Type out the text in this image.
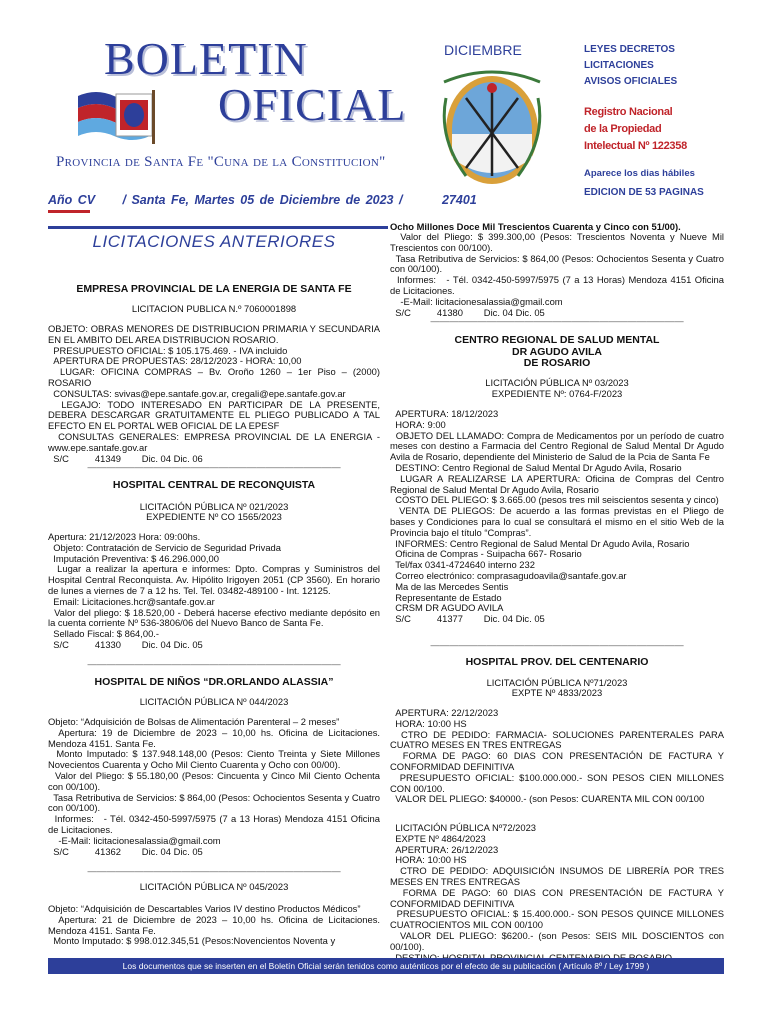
BOLETIN
OFICIAL
Provincia de Santa Fe "Cuna de la Constitucion"
DICIEMBRE	LEYES DECRETOS
LICITACIONES
AVISOS OFICIALES
Registro Nacional
de la Propiedad
Intelectual Nº 122358
Aparece los dias hábiles
EDICION DE 53 PAGINAS
Año CV / Santa Fe, Martes 05 de Diciembre de 2023 /	27401
LICITACIONES ANTERIORES
EMPRESA PROVINCIAL DE LA ENERGIA DE SANTA FE
LICITACION PUBLICA N.º 7060001898
OBJETO: OBRAS MENORES DE DISTRIBUCION PRIMARIA Y SECUNDARIA EN EL AMBITO DEL AREA DISTRIBUCION ROSARIO.
PRESUPUESTO OFICIAL: $ 105.175.469. - IVA incluido
APERTURA DE PROPUESTAS: 28/12/2023 - HORA: 10,00
LUGAR: OFICINA COMPRAS – Bv. Oroño 1260 – 1er Piso – (2000) ROSARIO
CONSULTAS: svivas@epe.santafe.gov.ar, cregali@epe.santafe.gov.ar
LEGAJO: TODO INTERESADO EN PARTICIPAR DE LA PRESENTE, DEBERA DESCARGAR GRATUITAMENTE EL PLIEGO PUBLICADO A TAL EFECTO EN EL PORTAL WEB OFICIAL DE LA EPESF
CONSULTAS GENERALES: EMPRESA PROVINCIAL DE LA ENERGIA - www.epe.santafe.gov.ar
S/C          41349        Dic. 04 Dic. 06
———————————————————————————
HOSPITAL CENTRAL DE RECONQUISTA
LICITACIÓN PÚBLICA Nº 021/2023
EXPEDIENTE Nº CO 1565/2023
Apertura: 21/12/2023 Hora: 09:00hs.
Objeto: Contratación de Servicio de Seguridad Privada
Imputación Preventiva: $ 46.296.000,00
Lugar a realizar la apertura e informes: Dpto. Compras y Suministros del Hospital Central Reconquista. Av. Hipólito Irigoyen 2051 (CP 3560). En horario de lunes a viernes de 7 a 12 hs. Tel. Tel. 03482-489100 - Int. 12125.
Email: Licitaciones.hcr@santafe.gov.ar
Valor del pliego: $ 18.520,00 - Deberá hacerse efectivo mediante depósito en la cuenta corriente Nº 536-3806/06 del Nuevo Banco de Santa Fe.
Sellado Fiscal: $ 864,00.-
S/C          41330        Dic. 04 Dic. 05
———————————————————————————
HOSPITAL DE NIÑOS “DR.ORLANDO ALASSIA”
LICITACIÓN PÚBLICA Nº 044/2023
Objeto: “Adquisición de Bolsas de Alimentación Parenteral – 2 meses”
Apertura: 19 de Diciembre de 2023 – 10,00 hs. Oficina de Licitaciones. Mendoza 4151. Santa Fe.
Monto Imputado: $ 137.948.148,00 (Pesos: Ciento Treinta y Siete Millones Novecientos Cuarenta y Ocho Mil Ciento Cuarenta y Ocho con 00/00).
Valor del Pliego: $ 55.180,00 (Pesos: Cincuenta y Cinco Mil Ciento Ochenta con 00/100).
Tasa Retributiva de Servicios: $ 864,00 (Pesos: Ochocientos Sesenta y Cuatro con 00/100).
Informes:   - Tél. 0342-450-5997/5975 (7 a 13 Horas) Mendoza 4151 Oficina de Licitaciones.
-E-Mail: licitacionesalassia@gmail.com
S/C          41362        Dic. 04 Dic. 05
———————————————————————————
LICITACIÓN PÚBLICA Nº 045/2023
Objeto: “Adquisición de Descartables Varios IV destino Productos Médicos”
Apertura: 21 de Diciembre de 2023 – 10,00 hs. Oficina de Licitaciones. Mendoza 4151. Santa Fe.
Monto Imputado: $ 998.012.345,51 (Pesos:Novencientos Noventa y
Ocho Millones Doce Mil Trescientos Cuarenta y Cinco con 51/00).
Valor del Pliego: $ 399.300,00 (Pesos: Trescientos Noventa y Nueve Mil Trescientos con 00/100).
Tasa Retributiva de Servicios: $ 864,00 (Pesos: Ochocientos Sesenta y Cuatro con 00/100).
Informes:   - Tél. 0342-450-5997/5975 (7 a 13 Horas) Mendoza 4151 Oficina de Licitaciones.
-E-Mail: licitacionesalassia@gmail.com
S/C          41380        Dic. 04 Dic. 05
———————————————————————————
CENTRO REGIONAL DE SALUD MENTAL
DR AGUDO AVILA
DE ROSARIO
LICITACIÓN PÚBLICA Nº 03/2023
EXPEDIENTE Nº: 0764-F/2023
APERTURA: 18/12/2023
HORA: 9:00
OBJETO DEL LLAMADO: Compra de Medicamentos por un período de cuatro meses con destino a Farmacia del Centro Regional de Salud Mental Dr Agudo Avila de Rosario, dependiente del Ministerio de Salud de la Pcia de Santa Fe
DESTINO: Centro Regional de Salud Mental Dr Agudo Avila, Rosario
LUGAR A REALIZARSE LA APERTURA: Oficina de Compras del Centro Regional de Salud Mental Dr Agudo Avila, Rosario
COSTO DEL PLIEGO: $ 3.665.00 (pesos tres mil seiscientos sesenta y cinco)
VENTA DE PLIEGOS: De acuerdo a las formas previstas en el Pliego de bases y Condiciones para lo cual se consultará el mismo en el sitio Web de la Provincia bajo el título “Compras”.
INFORMES: Centro Regional de Salud Mental Dr Agudo Avila, Rosario
Oficina de Compras - Suipacha 667- Rosario
Tel/fax 0341-4724640 interno 232
Correo electrónico: comprasagudoavila@santafe.gov.ar
Ma de las Mercedes Sentis
Representante de Estado
CRSM DR AGUDO AVILA
S/C          41377        Dic. 04 Dic. 05
———————————————————————————
HOSPITAL PROV. DEL CENTENARIO
LICITACIÓN PÚBLICA Nº71/2023
EXPTE Nº 4833/2023
APERTURA: 22/12/2023
HORA: 10:00 HS
CTRO DE PEDIDO: FARMACIA- SOLUCIONES PARENTERALES PARA CUATRO MESES EN TRES ENTREGAS
FORMA DE PAGO: 60 DIAS CON PRESENTACIÓN DE FACTURA Y CONFORMIDAD DEFINITIVA
PRESUPUESTO OFICIAL: $100.000.000.- SON PESOS CIEN MILLONES CON 00/100.
VALOR DEL PLIEGO: $40000.- (son Pesos: CUARENTA MIL CON 00/100
LICITACIÓN PÚBLICA Nº72/2023
EXPTE Nº 4864/2023
APERTURA: 26/12/2023
HORA: 10:00 HS
CTRO DE PEDIDO: ADQUISICIÓN INSUMOS DE LIBRERÍA POR TRES MESES EN TRES ENTREGAS
FORMA DE PAGO: 60 DIAS CON PRESENTACIÓN DE FACTURA Y CONFORMIDAD DEFINITIVA
PRESUPUESTO OFICIAL: $ 15.400.000.- SON PESOS QUINCE MILLONES CUATROCIENTOS MIL CON 00/100
VALOR DEL PLIEGO: $6200.- (son Pesos: SEIS MIL DOSCIENTOS con 00/100).

Los documentos que se inserten en el Boletín Oficial serán tenidos como auténticos por el efecto de su publicación ( Artículo 8º / Ley 1799 )
